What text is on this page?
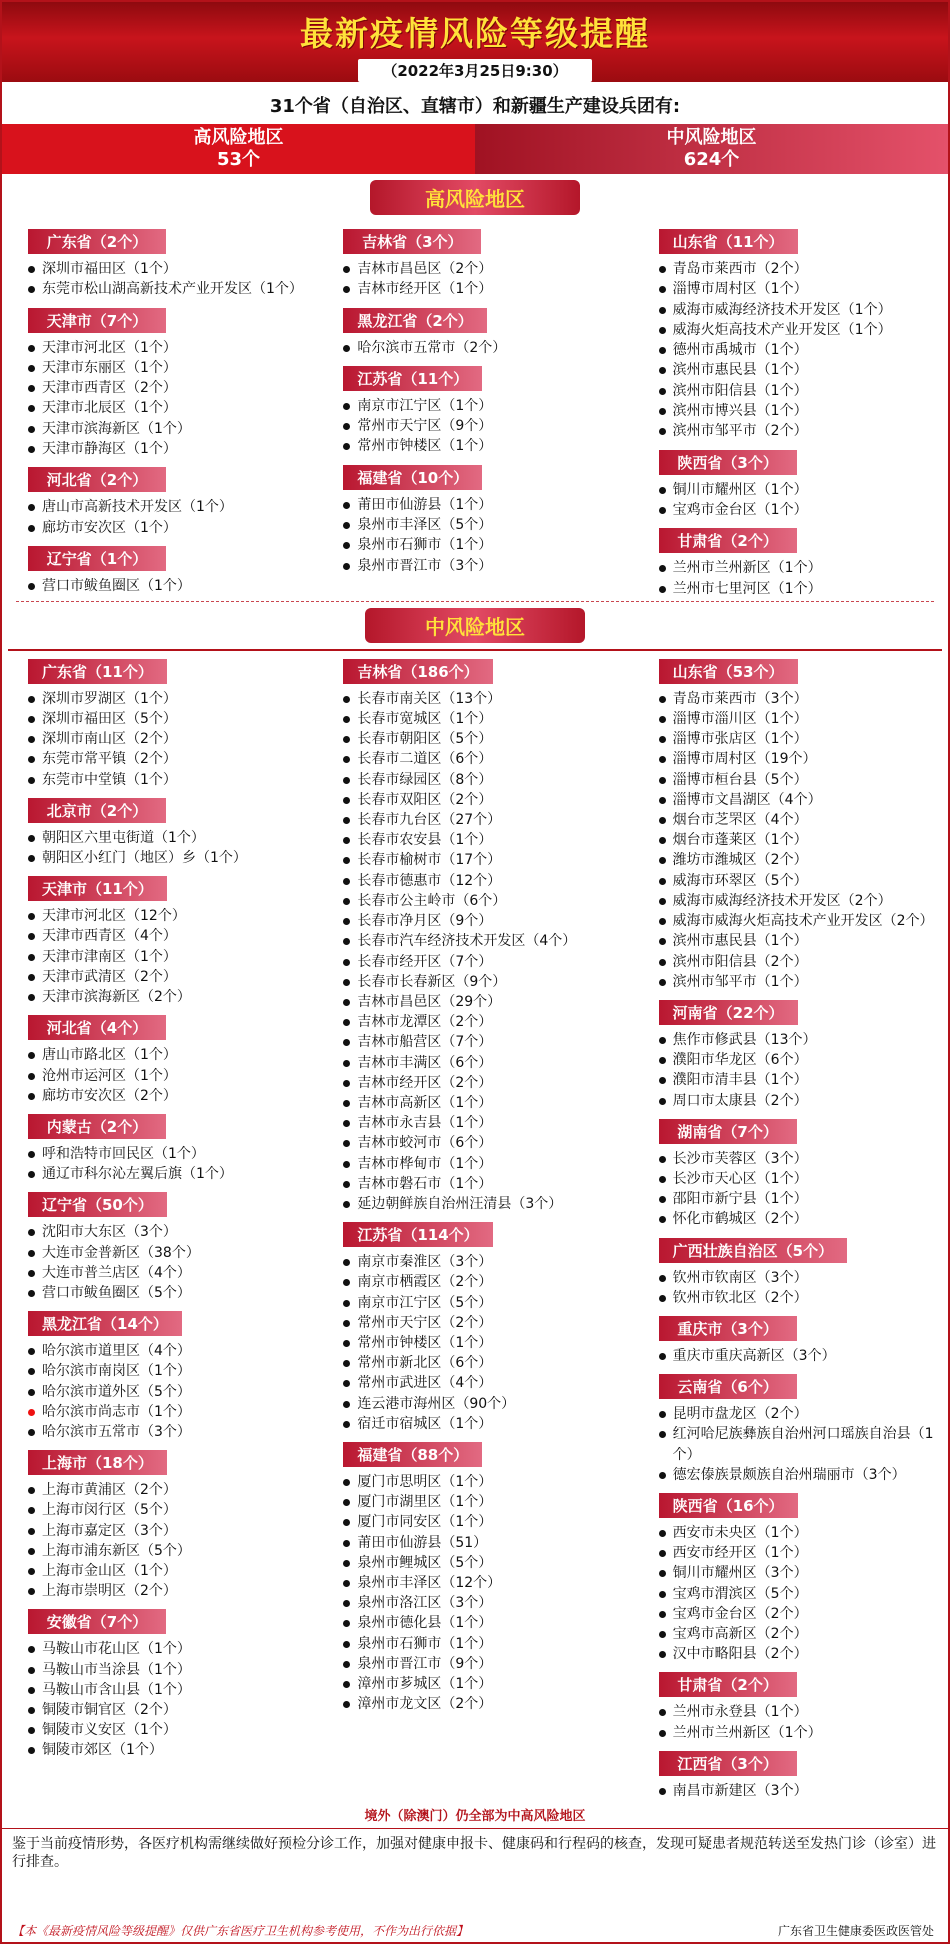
最新疫情风险等级提醒
（2022年3月25日9:30）
31个省（自治区、直辖市）和新疆生产建设兵团有:
高风险地区
53个
中风险地区
624个
高风险地区
广东省（2个）
深圳市福田区（1个）
东莞市松山湖高新技术产业开发区（1个）
天津市（7个）
天津市河北区（1个）
天津市东丽区（1个）
天津市西青区（2个）
天津市北辰区（1个）
天津市滨海新区（1个）
天津市静海区（1个）
河北省（2个）
唐山市高新技术开发区（1个）
廊坊市安次区（1个）
辽宁省（1个）
营口市鲅鱼圈区（1个）
吉林省（3个）
吉林市昌邑区（2个）
吉林市经开区（1个）
黑龙江省（2个）
哈尔滨市五常市（2个）
江苏省（11个）
南京市江宁区（1个）
常州市天宁区（9个）
常州市钟楼区（1个）
福建省（10个）
莆田市仙游县（1个）
泉州市丰泽区（5个）
泉州市石狮市（1个）
泉州市晋江市（3个）
山东省（11个）
青岛市莱西市（2个）
淄博市周村区（1个）
威海市威海经济技术开发区（1个）
威海火炬高技术产业开发区（1个）
德州市禹城市（1个）
滨州市惠民县（1个）
滨州市阳信县（1个）
滨州市博兴县（1个）
滨州市邹平市（2个）
陕西省（3个）
铜川市耀州区（1个）
宝鸡市金台区（1个）
甘肃省（2个）
兰州市兰州新区（1个）
兰州市七里河区（1个）
中风险地区
广东省（11个）
深圳市罗湖区（1个）
深圳市福田区（5个）
深圳市南山区（2个）
东莞市常平镇（2个）
东莞市中堂镇（1个）
北京市（2个）
朝阳区六里屯街道（1个）
朝阳区小红门（地区）乡（1个）
天津市（11个）
天津市河北区（12个）
天津市西青区（4个）
天津市津南区（1个）
天津市武清区（2个）
天津市滨海新区（2个）
河北省（4个）
唐山市路北区（1个）
沧州市运河区（1个）
廊坊市安次区（2个）
内蒙古（2个）
呼和浩特市回民区（1个）
通辽市科尔沁左翼后旗（1个）
辽宁省（50个）
沈阳市大东区（3个）
大连市金普新区（38个）
大连市普兰店区（4个）
营口市鲅鱼圈区（5个）
黑龙江省（14个）
哈尔滨市道里区（4个）
哈尔滨市南岗区（1个）
哈尔滨市道外区（5个）
哈尔滨市尚志市（1个）
哈尔滨市五常市（3个）
上海市（18个）
上海市黄浦区（2个）
上海市闵行区（5个）
上海市嘉定区（3个）
上海市浦东新区（5个）
上海市金山区（1个）
上海市崇明区（2个）
安徽省（7个）
马鞍山市花山区（1个）
马鞍山市当涂县（1个）
马鞍山市含山县（1个）
铜陵市铜官区（2个）
铜陵市义安区（1个）
铜陵市郊区（1个）
吉林省（186个）
长春市南关区（13个）
长春市宽城区（1个）
长春市朝阳区（5个）
长春市二道区（6个）
长春市绿园区（8个）
长春市双阳区（2个）
长春市九台区（27个）
长春市农安县（1个）
长春市榆树市（17个）
长春市德惠市（12个）
长春市公主岭市（6个）
长春市净月区（9个）
长春市汽车经济技术开发区（4个）
长春市经开区（7个）
长春市长春新区（9个）
吉林市昌邑区（29个）
吉林市龙潭区（2个）
吉林市船营区（7个）
吉林市丰满区（6个）
吉林市经开区（2个）
吉林市高新区（1个）
吉林市永吉县（1个）
吉林市蛟河市（6个）
吉林市桦甸市（1个）
吉林市磐石市（1个）
延边朝鲜族自治州汪清县（3个）
江苏省（114个）
南京市秦淮区（3个）
南京市栖霞区（2个）
南京市江宁区（5个）
常州市天宁区（2个）
常州市钟楼区（1个）
常州市新北区（6个）
常州市武进区（4个）
连云港市海州区（90个）
宿迁市宿城区（1个）
福建省（88个）
厦门市思明区（1个）
厦门市湖里区（1个）
厦门市同安区（1个）
莆田市仙游县（51）
泉州市鲤城区（5个）
泉州市丰泽区（12个）
泉州市洛江区（3个）
泉州市德化县（1个）
泉州市石狮市（1个）
泉州市晋江市（9个）
漳州市芗城区（1个）
漳州市龙文区（2个）
山东省（53个）
青岛市莱西市（3个）
淄博市淄川区（1个）
淄博市张店区（1个）
淄博市周村区（19个）
淄博市桓台县（5个）
淄博市文昌湖区（4个）
烟台市芝罘区（4个）
烟台市蓬莱区（1个）
潍坊市潍城区（2个）
威海市环翠区（5个）
威海市威海经济技术开发区（2个）
威海市威海火炬高技术产业开发区（2个）
滨州市惠民县（1个）
滨州市阳信县（2个）
滨州市邹平市（1个）
河南省（22个）
焦作市修武县（13个）
濮阳市华龙区（6个）
濮阳市清丰县（1个）
周口市太康县（2个）
湖南省（7个）
长沙市芙蓉区（3个）
长沙市天心区（1个）
邵阳市新宁县（1个）
怀化市鹤城区（2个）
广西壮族自治区（5个）
钦州市钦南区（3个）
钦州市钦北区（2个）
重庆市（3个）
重庆市重庆高新区（3个）
云南省（6个）
昆明市盘龙区（2个）
红河哈尼族彝族自治州河口瑶族自治县（1个）
德宏傣族景颇族自治州瑞丽市（3个）
陕西省（16个）
西安市未央区（1个）
西安市经开区（1个）
铜川市耀州区（3个）
宝鸡市渭滨区（5个）
宝鸡市金台区（2个）
宝鸡市高新区（2个）
汉中市略阳县（2个）
甘肃省（2个）
兰州市永登县（1个）
兰州市兰州新区（1个）
江西省（3个）
南昌市新建区（3个）
境外（除澳门）仍全部为中高风险地区
鉴于当前疫情形势，各医疗机构需继续做好预检分诊工作，加强对健康申报卡、健康码和行程码的核查，发现可疑患者规范转送至发热门诊（诊室）进行排查。
【本《最新疫情风险等级提醒》仅供广东省医疗卫生机构参考使用，不作为出行依据】	广东省卫生健康委医政医管处
